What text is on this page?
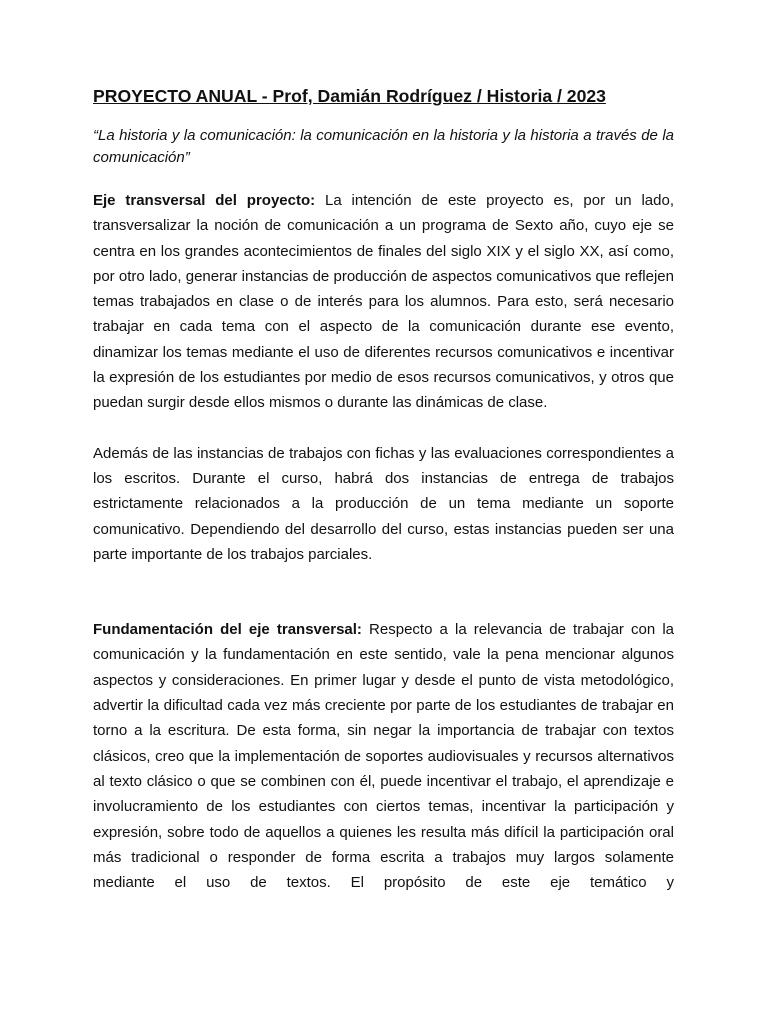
PROYECTO ANUAL - Prof, Damián Rodríguez / Historia / 2023

“La historia y la comunicación: la comunicación en la historia y la historia a través de la comunicación”

Eje transversal del proyecto: La intención de este proyecto es, por un lado, transversalizar la noción de comunicación a un programa de Sexto año, cuyo eje se centra en los grandes acontecimientos de finales del siglo XIX y el siglo XX, así como, por otro lado, generar instancias de producción de aspectos comunicativos que reflejen temas trabajados en clase o de interés para los alumnos. Para esto, será necesario trabajar en cada tema con el aspecto de la comunicación durante ese evento, dinamizar los temas mediante el uso de diferentes recursos comunicativos e incentivar la expresión de los estudiantes por medio de esos recursos comunicativos, y otros que puedan surgir desde ellos mismos o durante las dinámicas de clase.

Además de las instancias de trabajos con fichas y las evaluaciones correspondientes a los escritos. Durante el curso, habrá dos instancias de entrega de trabajos estrictamente relacionados a la producción de un tema mediante un soporte comunicativo. Dependiendo del desarrollo del curso, estas instancias pueden ser una parte importante de los trabajos parciales.

Fundamentación del eje transversal: Respecto a la relevancia de trabajar con la comunicación y la fundamentación en este sentido, vale la pena mencionar algunos aspectos y consideraciones. En primer lugar y desde el punto de vista metodológico, advertir la dificultad cada vez más creciente por parte de los estudiantes de trabajar en torno a la escritura. De esta forma, sin negar la importancia de trabajar con textos clásicos, creo que la implementación de soportes audiovisuales y recursos alternativos al texto clásico o que se combinen con él, puede incentivar el trabajo, el aprendizaje e involucramiento de los estudiantes con ciertos temas, incentivar la participación y expresión, sobre todo de aquellos a quienes les resulta más difícil la participación oral más tradicional o responder de forma escrita a trabajos muy largos solamente mediante el uso de textos. El propósito de este eje temático y
